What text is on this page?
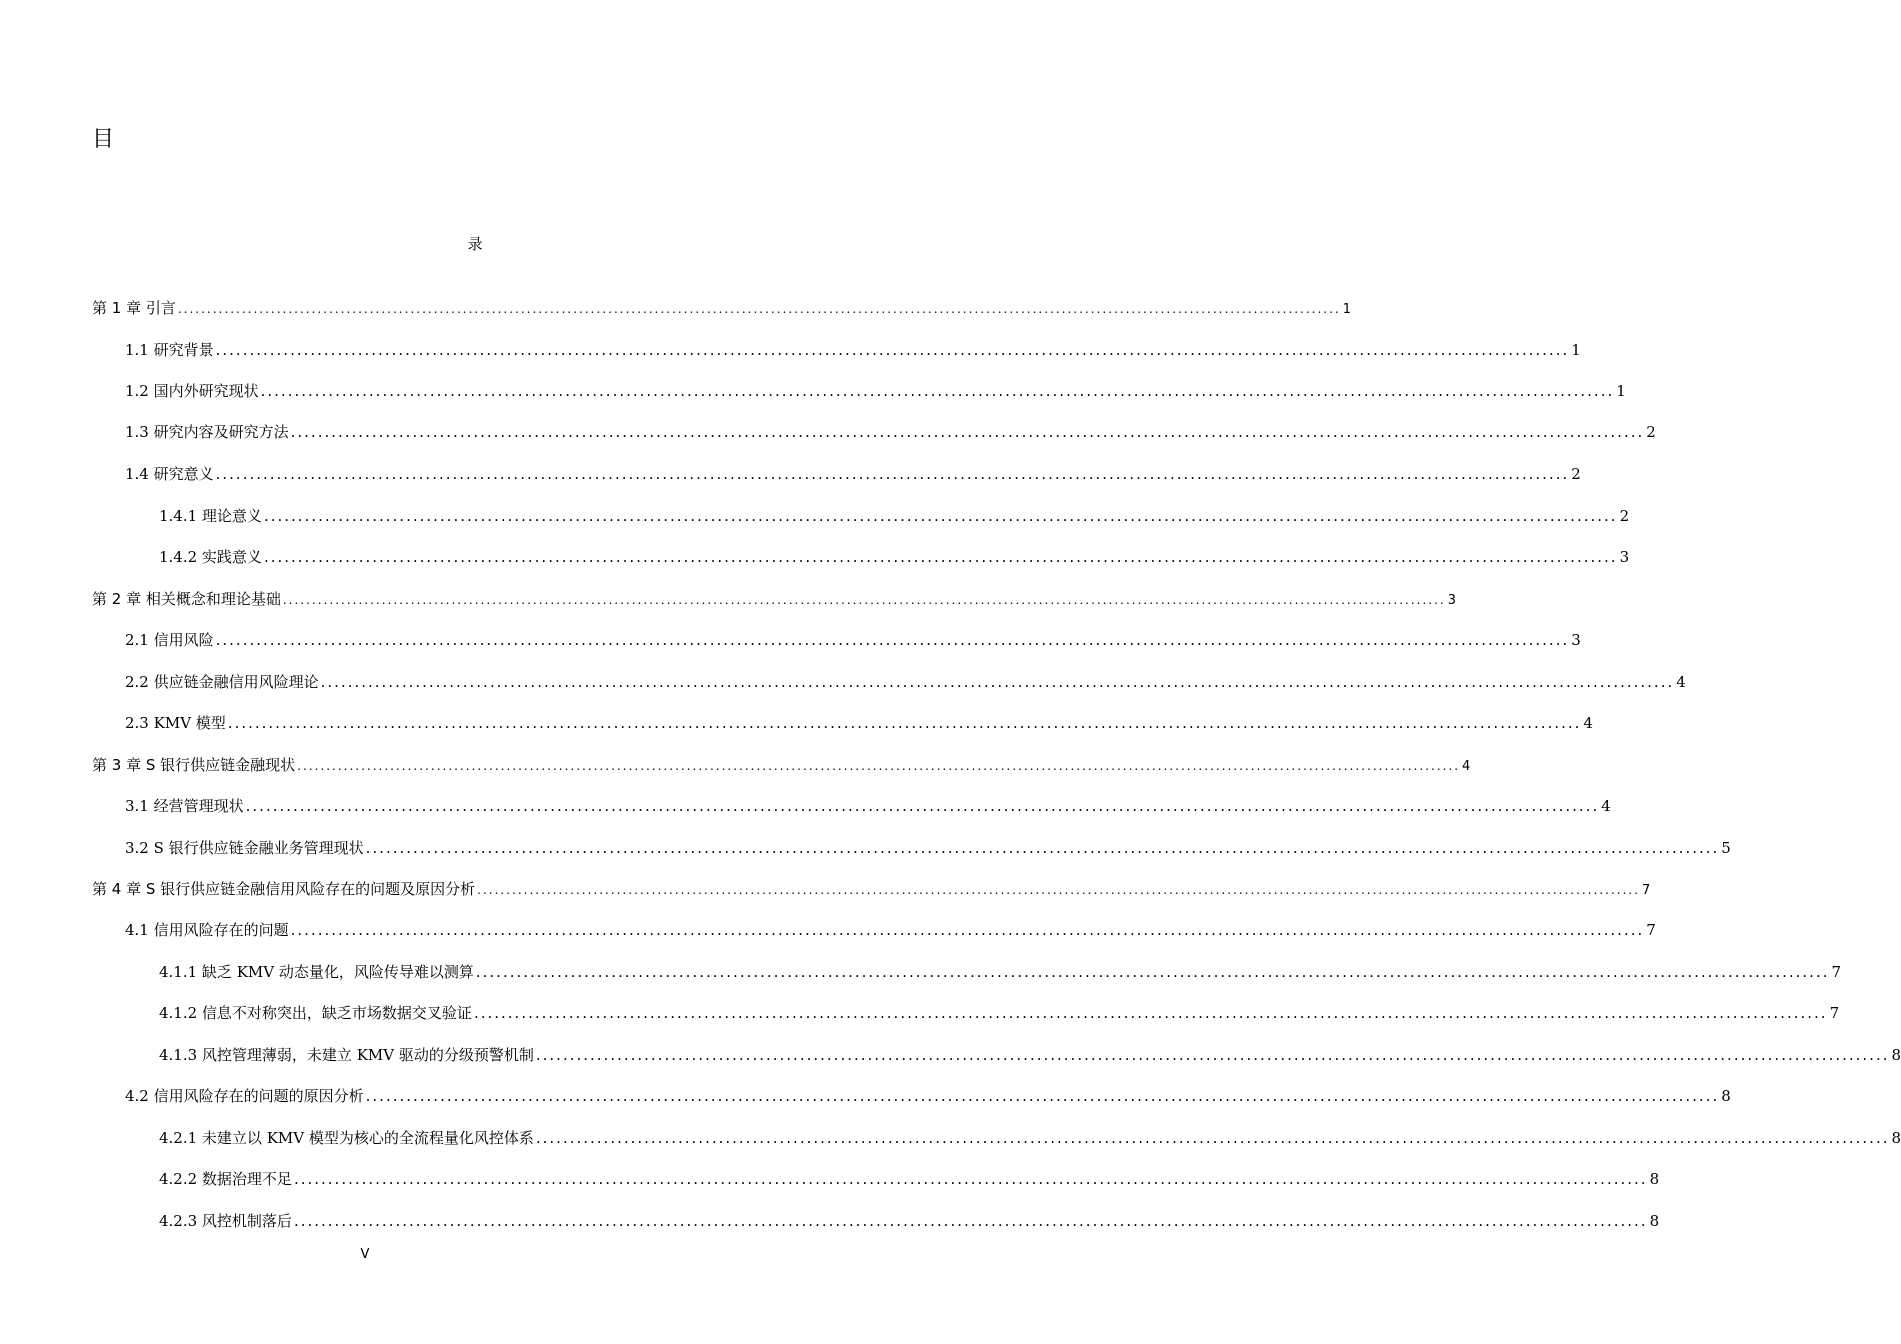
目
录
第 1 章 引言 ........................................................................................................................................................................................................ 1
1.1 研究背景 ........................................................................................................................................................................................................ 1
1.2 国内外研究现状 ........................................................................................................................................................................................................ 1
1.3 研究内容及研究方法 ........................................................................................................................................................................................................ 2
1.4 研究意义 ........................................................................................................................................................................................................ 2
1.4.1 理论意义 ........................................................................................................................................................................................................ 2
1.4.2 实践意义 ........................................................................................................................................................................................................ 3
第 2 章 相关概念和理论基础 ........................................................................................................................................................................................................ 3
2.1 信用风险 ........................................................................................................................................................................................................ 3
2.2 供应链金融信用风险理论 ........................................................................................................................................................................................................ 4
2.3 KMV 模型 ........................................................................................................................................................................................................ 4
第 3 章 S 银行供应链金融现状 ........................................................................................................................................................................................................ 4
3.1 经营管理现状 ........................................................................................................................................................................................................ 4
3.2 S 银行供应链金融业务管理现状 ........................................................................................................................................................................................................ 5
第 4 章 S 银行供应链金融信用风险存在的问题及原因分析 ........................................................................................................................................................................................................ 7
4.1 信用风险存在的问题 ........................................................................................................................................................................................................ 7
4.1.1 缺乏 KMV 动态量化，风险传导难以测算 ........................................................................................................................................................................................................ 7
4.1.2 信息不对称突出，缺乏市场数据交叉验证 ........................................................................................................................................................................................................ 7
4.1.3 风控管理薄弱，未建立 KMV 驱动的分级预警机制 ........................................................................................................................................................................................................ 8
4.2 信用风险存在的问题的原因分析 ........................................................................................................................................................................................................ 8
4.2.1 未建立以 KMV 模型为核心的全流程量化风控体系 ........................................................................................................................................................................................................ 8
4.2.2 数据治理不足 ........................................................................................................................................................................................................ 8
4.2.3 风控机制落后 ........................................................................................................................................................................................................ 8
V
